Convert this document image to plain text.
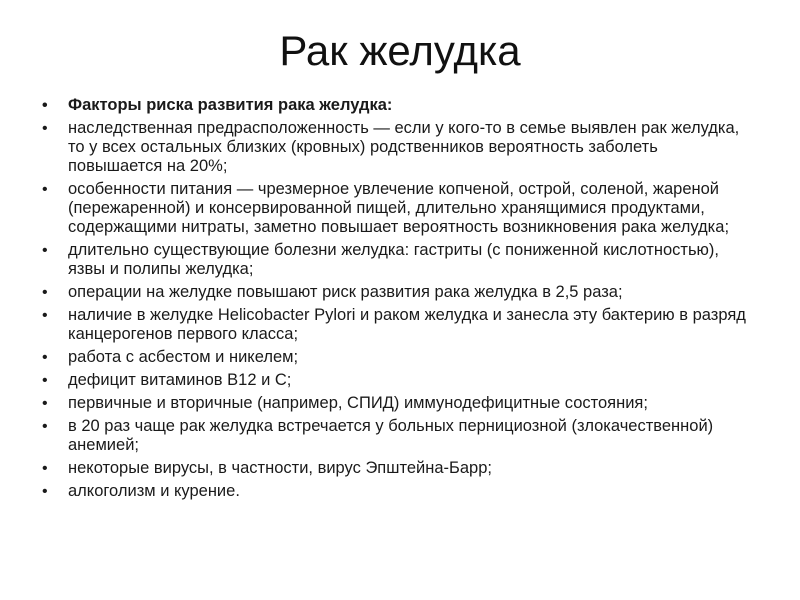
Рак желудка
• Факторы риска развития рака желудка:
• наследственная предрасположенность — если у кого-то в семье выявлен рак желудка, то у всех остальных близких (кровных) родственников вероятность заболеть повышается на 20%;
• особенности питания — чрезмерное увлечение копченой, острой, соленой, жареной (пережаренной) и консервированной пищей, длительно хранящимися продуктами, содержащими нитраты, заметно повышает вероятность возникновения рака желудка;
• длительно существующие болезни желудка: гастриты (с пониженной кислотностью), язвы и полипы желудка;
• операции на желудке повышают риск развития рака желудка в 2,5 раза;
• наличие в желудке Helicobacter Pylori и раком желудка и занесла эту бактерию в разряд канцерогенов первого класса;
• работа с асбестом и никелем;
• дефицит витаминов В12 и С;
• первичные и вторичные (например, СПИД) иммунодефицитные состояния;
• в 20 раз чаще рак желудка встречается у больных пернициозной (злокачественной) анемией;
• некоторые вирусы, в частности, вирус Эпштейна-Барр;
• алкоголизм и курение.
